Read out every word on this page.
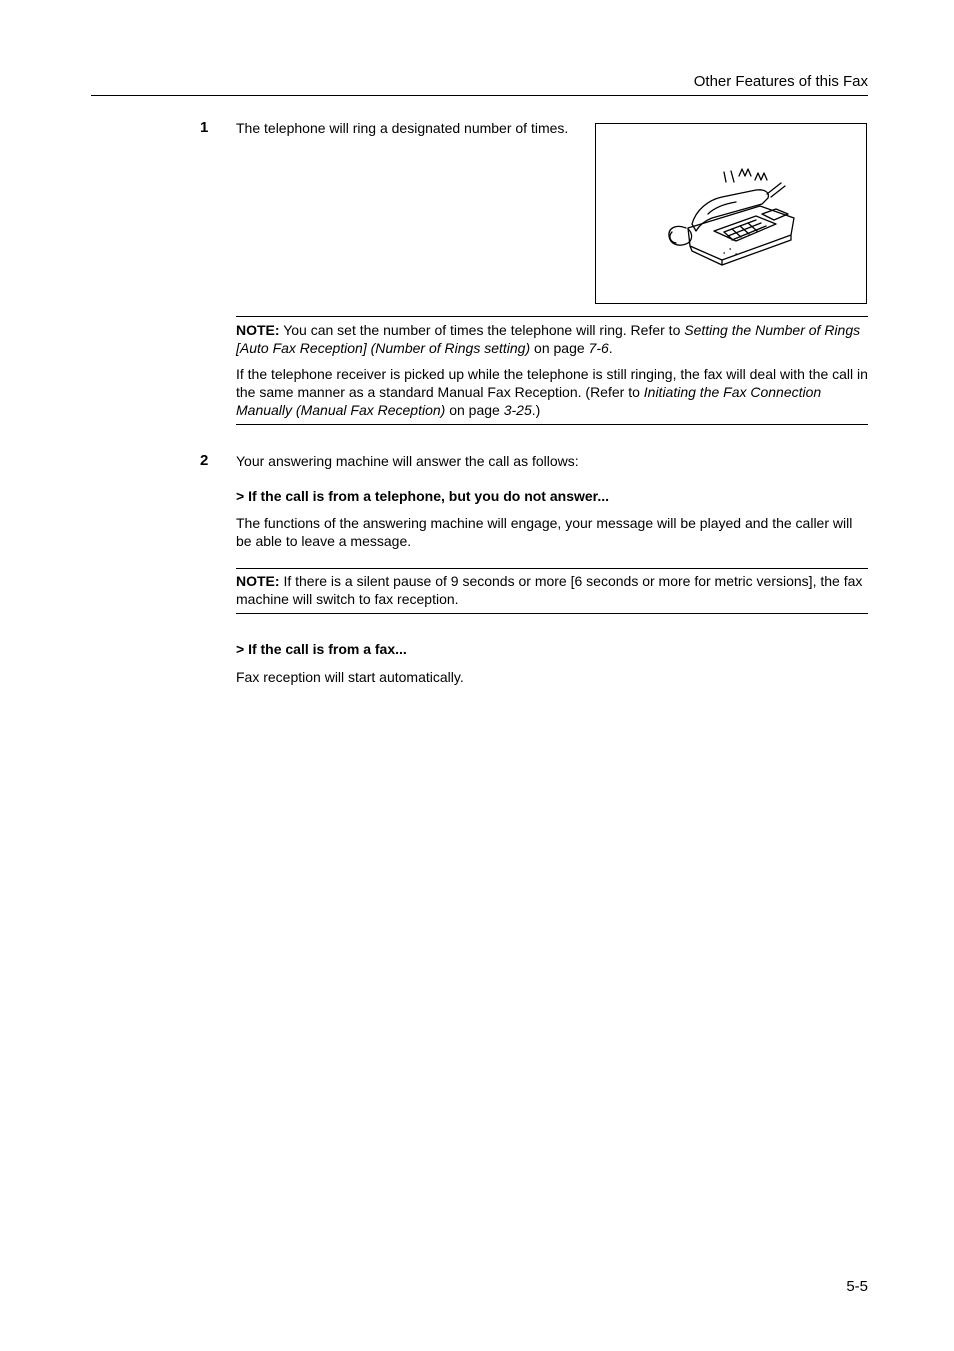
Other Features of this Fax
1 The telephone will ring a designated number of times.
NOTE: You can set the number of times the telephone will ring. Refer to Setting the Number of Rings [Auto Fax Reception] (Number of Rings setting) on page 7-6.
If the telephone receiver is picked up while the telephone is still ringing, the fax will deal with the call in the same manner as a standard Manual Fax Reception. (Refer to Initiating the Fax Connection Manually (Manual Fax Reception) on page 3-25.)
2 Your answering machine will answer the call as follows:
> If the call is from a telephone, but you do not answer...
The functions of the answering machine will engage, your message will be played and the caller will be able to leave a message.
NOTE: If there is a silent pause of 9 seconds or more [6 seconds or more for metric versions], the fax machine will switch to fax reception.
> If the call is from a fax...
Fax reception will start automatically.
5-5
